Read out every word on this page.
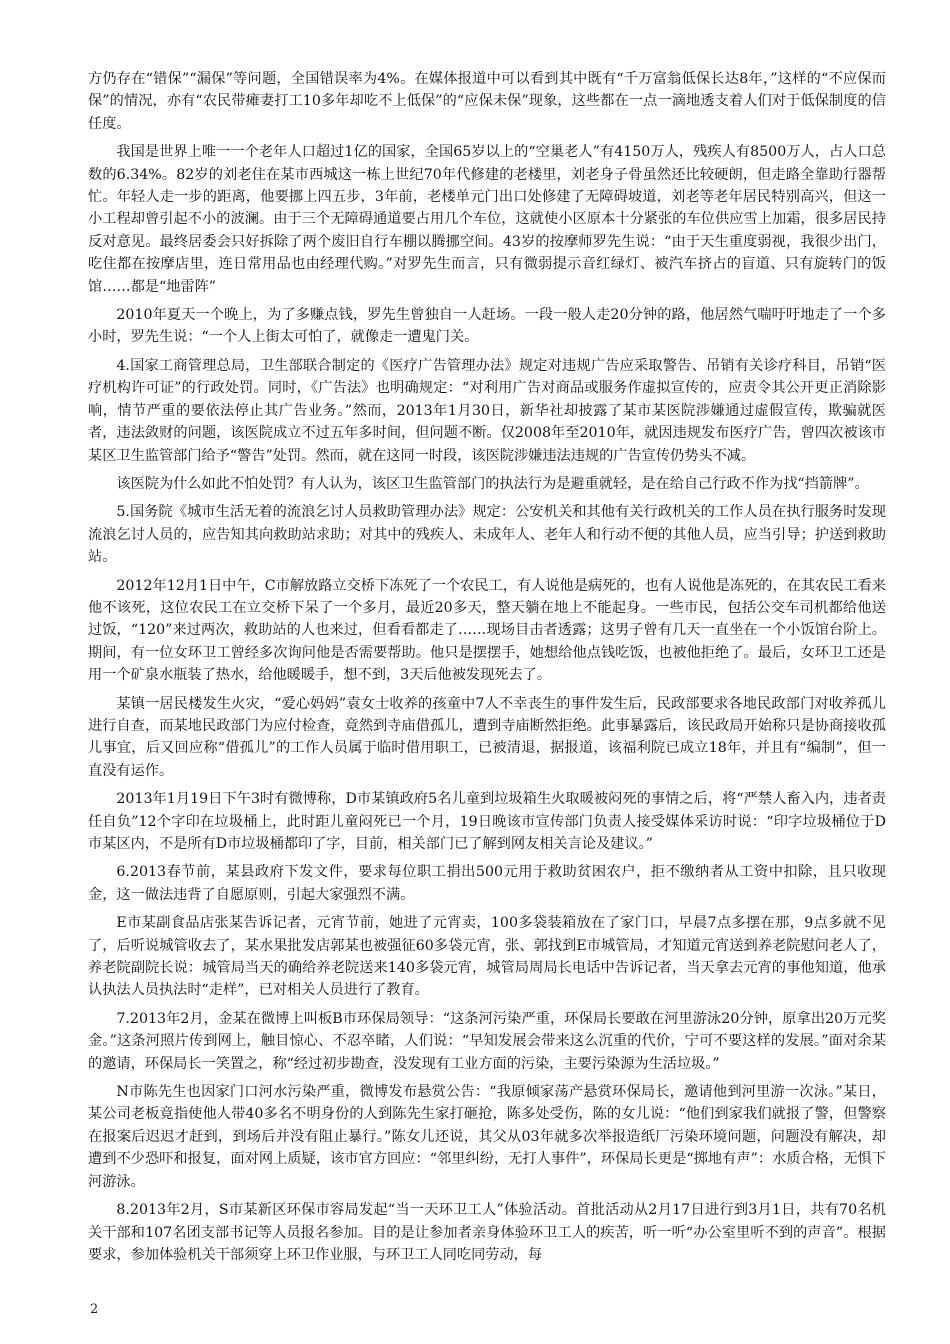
方仍存在“错保”“漏保”等问题，全国错误率为4%。在媒体报道中可以看到其中既有“千万富翁低保长达8年，”这样的“不应保而保”的情况，亦有“农民带瘫妻打工10多年却吃不上低保”的“应保未保”现象，这些都在一点一滴地透支着人们对于低保制度的信任度。

我国是世界上唯一一个老年人口超过1亿的国家，全国65岁以上的“空巢老人”有4150万人，残疾人有8500万人，占人口总数的6.34%。82岁的刘老住在某市西城这一栋上世纪70年代修建的老楼里，刘老身子骨虽然还比较硬朗，但走路全靠助行器帮忙。年轻人走一步的距离，他要挪上四五步，3年前，老楼单元门出口处修建了无障碍坡道，刘老等老年居民特别高兴，但这一小工程却曾引起不小的波澜。由于三个无障碍通道要占用几个车位，这就使小区原本十分紧张的车位供应雪上加霜，很多居民持反对意见。最终居委会只好拆除了两个废旧自行车棚以腾挪空间。43岁的按摩师罗先生说：“由于天生重度弱视，我很少出门，吃住都在按摩店里，连日常用品也由经理代购。”对罗先生而言，只有微弱提示音红绿灯、被汽车挤占的盲道、只有旋转门的饭馆……都是“地雷阵”

2010年夏天一个晚上，为了多赚点钱，罗先生曾独自一人赶场。一段一般人走20分钟的路，他居然气喘吁吁地走了一个多小时，罗先生说：“一个人上街太可怕了，就像走一遭鬼门关。

4.国家工商管理总局，卫生部联合制定的《医疗广告管理办法》规定对违规广告应采取警告、吊销有关诊疗科目，吊销“医疗机构许可证”的行政处罚。同时，《广告法》也明确规定：“对利用广告对商品或服务作虚拟宣传的，应责令其公开更正消除影响，情节严重的要依法停止其广告业务。”然而，2013年1月30日，新华社却披露了某市某医院涉嫌通过虚假宣传，欺骗就医者，违法敛财的问题，该医院成立不过五年多时间，但问题不断。仅2008年至2010年，就因违规发布医疗广告，曾四次被该市某区卫生监管部门给予“警告”处罚。然而，就在这同一时段，该医院涉嫌违法违规的广告宣传仍势头不减。

该医院为什么如此不怕处罚？有人认为，该区卫生监管部门的执法行为是避重就轻，是在给自己行政不作为找“挡箭牌”。

5.国务院《城市生活无着的流浪乞讨人员救助管理办法》规定：公安机关和其他有关行政机关的工作人员在执行服务时发现流浪乞讨人员的，应告知其向救助站求助；对其中的残疾人、未成年人、老年人和行动不便的其他人员，应当引导；护送到救助站。

2012年12月1日中午，C市解放路立交桥下冻死了一个农民工，有人说他是病死的，也有人说他是冻死的，在其农民工看来他不该死，这位农民工在立交桥下呆了一个多月，最近20多天，整天躺在地上不能起身。一些市民，包括公交车司机都给他送过饭，“120”来过两次，救助站的人也来过，但看看都走了……现场目击者透露；这男子曾有几天一直坐在一个小饭馆台阶上。期间，有一位女环卫工曾经多次询问他是否需要帮助。他只是摆摆手，她想给他点钱吃饭，也被他拒绝了。最后，女环卫工还是用一个矿泉水瓶装了热水，给他暖暖手，想不到，3天后他被发现死去了。

某镇一居民楼发生火灾，“爱心妈妈”袁女士收养的孩童中7人不幸丧生的事件发生后，民政部要求各地民政部门对收养孤儿进行自查，而某地民政部门为应付检查，竟然到寺庙借孤儿，遭到寺庙断然拒绝。此事暴露后，该民政局开始称只是协商接收孤儿事宜，后又回应称“借孤儿”的工作人员属于临时借用职工，已被清退，据报道，该福利院已成立18年，并且有“编制”，但一直没有运作。

2013年1月19日下午3时有微博称，D市某镇政府5名儿童到垃圾箱生火取暖被闷死的事情之后，将“严禁人畜入内，违者责任自负”12个字印在垃圾桶上，此时距儿童闷死已一个月，19日晚该市宣传部门负责人接受媒体采访时说：“印字垃圾桶位于D市某区内，不是所有D市垃圾桶都印了字，目前，相关部门已了解到网友相关言论及建议。”

6.2013春节前，某县政府下发文件，要求每位职工捐出500元用于救助贫困农户，拒不缴纳者从工资中扣除，且只收现金，这一做法违背了自愿原则，引起大家强烈不满。

E市某副食品店张某告诉记者，元宵节前，她进了元宵卖，100多袋装箱放在了家门口，早晨7点多摆在那，9点多就不见了，后听说城管收去了，某水果批发店郭某也被强征60多袋元宵，张、郭找到E市城管局，才知道元宵送到养老院慰问老人了，养老院副院长说：城管局当天的确给养老院送来140多袋元宵，城管局周局长电话中告诉记者，当天拿去元宵的事他知道，他承认执法人员执法时“走样”，已对相关人员进行了教育。

7.2013年2月，金某在微博上叫板B市环保局领导：“这条河污染严重，环保局长要敢在河里游泳20分钟，原拿出20万元奖金。”这条河照片传到网上，触目惊心、不忍卒睹，人们说：“早知发展会带来这么沉重的代价，宁可不要这样的发展。”面对余某的邀请，环保局长一笑置之，称“经过初步勘查，没发现有工业方面的污染，主要污染源为生活垃圾。”

N市陈先生也因家门口河水污染严重，微博发布悬赏公告：“我原倾家荡产悬赏环保局长，邀请他到河里游一次泳。”某日，某公司老板竟指使他人带40多名不明身份的人到陈先生家打砸抢，陈多处受伤，陈的女儿说：“他们到家我们就报了警，但警察在报案后迟迟才赶到，到场后并没有阻止暴行。”陈女儿还说，其父从03年就多次举报造纸厂污染环境问题，问题没有解决，却遭到不少恐吓和报复，面对网上质疑，该市官方回应：“邻里纠纷，无打人事件”，环保局长更是“掷地有声”：水质合格，无惧下河游泳。

8.2013年2月，S市某新区环保市容局发起“当一天环卫工人”体验活动。首批活动从2月17日进行到3月1日，共有70名机关干部和107名团支部书记等人员报名参加。目的是让参加者亲身体验环卫工人的疾苦，听一听“办公室里听不到的声音”。根据要求，参加体验机关干部须穿上环卫作业服，与环卫工人同吃同劳动，每

2
